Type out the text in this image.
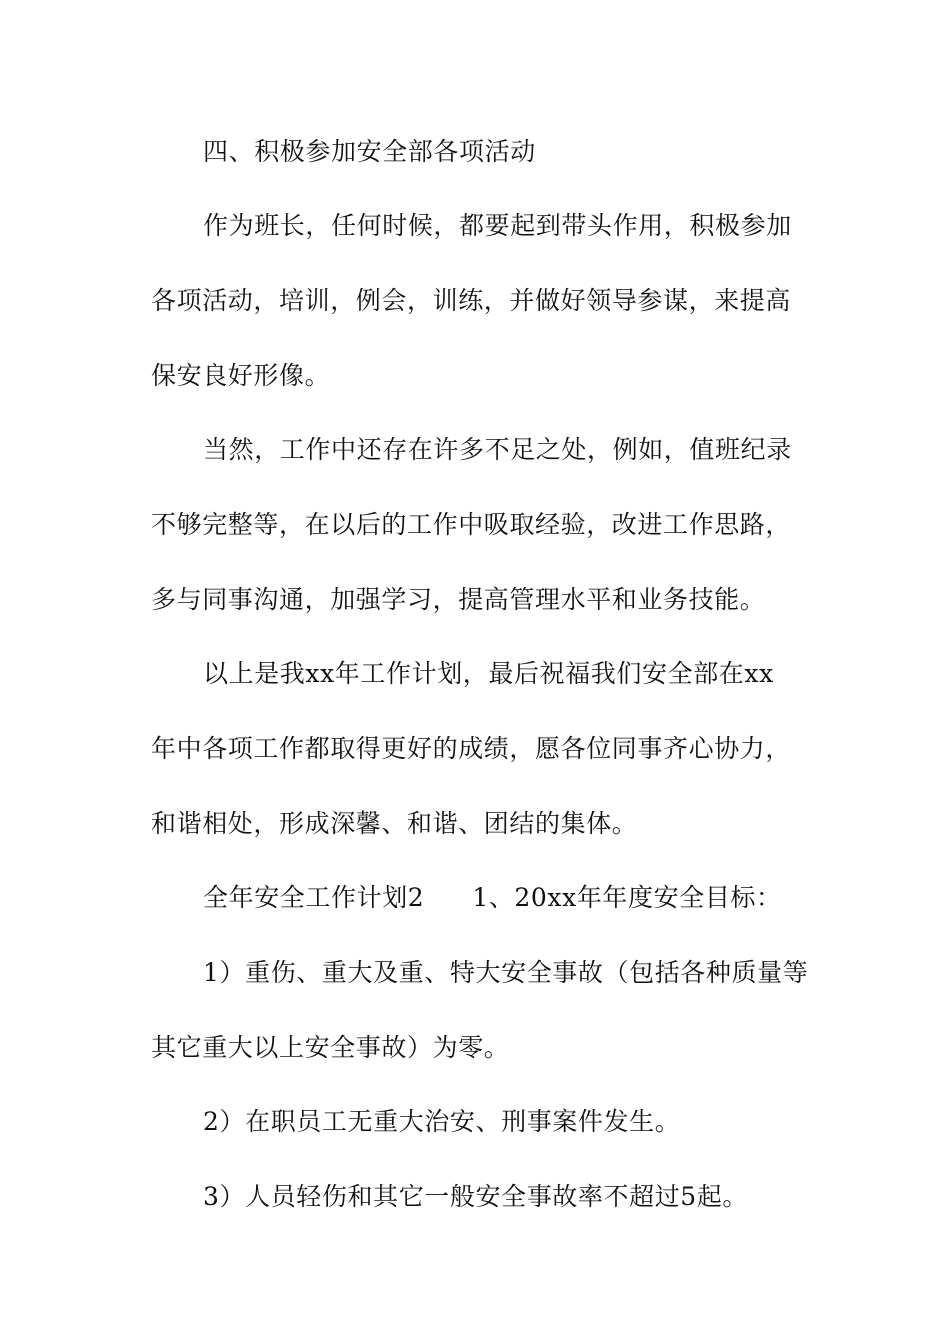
四、积极参加安全部各项活动

作为班长，任何时候，都要起到带头作用，积极参加

各项活动，培训，例会，训练，并做好领导参谋，来提高

保安良好形像。

当然，工作中还存在许多不足之处，例如，值班纪录

不够完整等，在以后的工作中吸取经验，改进工作思路，

多与同事沟通，加强学习，提高管理水平和业务技能。

以上是我xx年工作计划，最后祝福我们安全部在xx

年中各项工作都取得更好的成绩，愿各位同事齐心协力，

和谐相处，形成深馨、和谐、团结的集体。

全年安全工作计划2 1、20xx年年度安全目标：

1）重伤、重大及重、特大安全事故（包括各种质量等

其它重大以上安全事故）为零。

2）在职员工无重大治安、刑事案件发生。

3）人员轻伤和其它一般安全事故率不超过5起。
